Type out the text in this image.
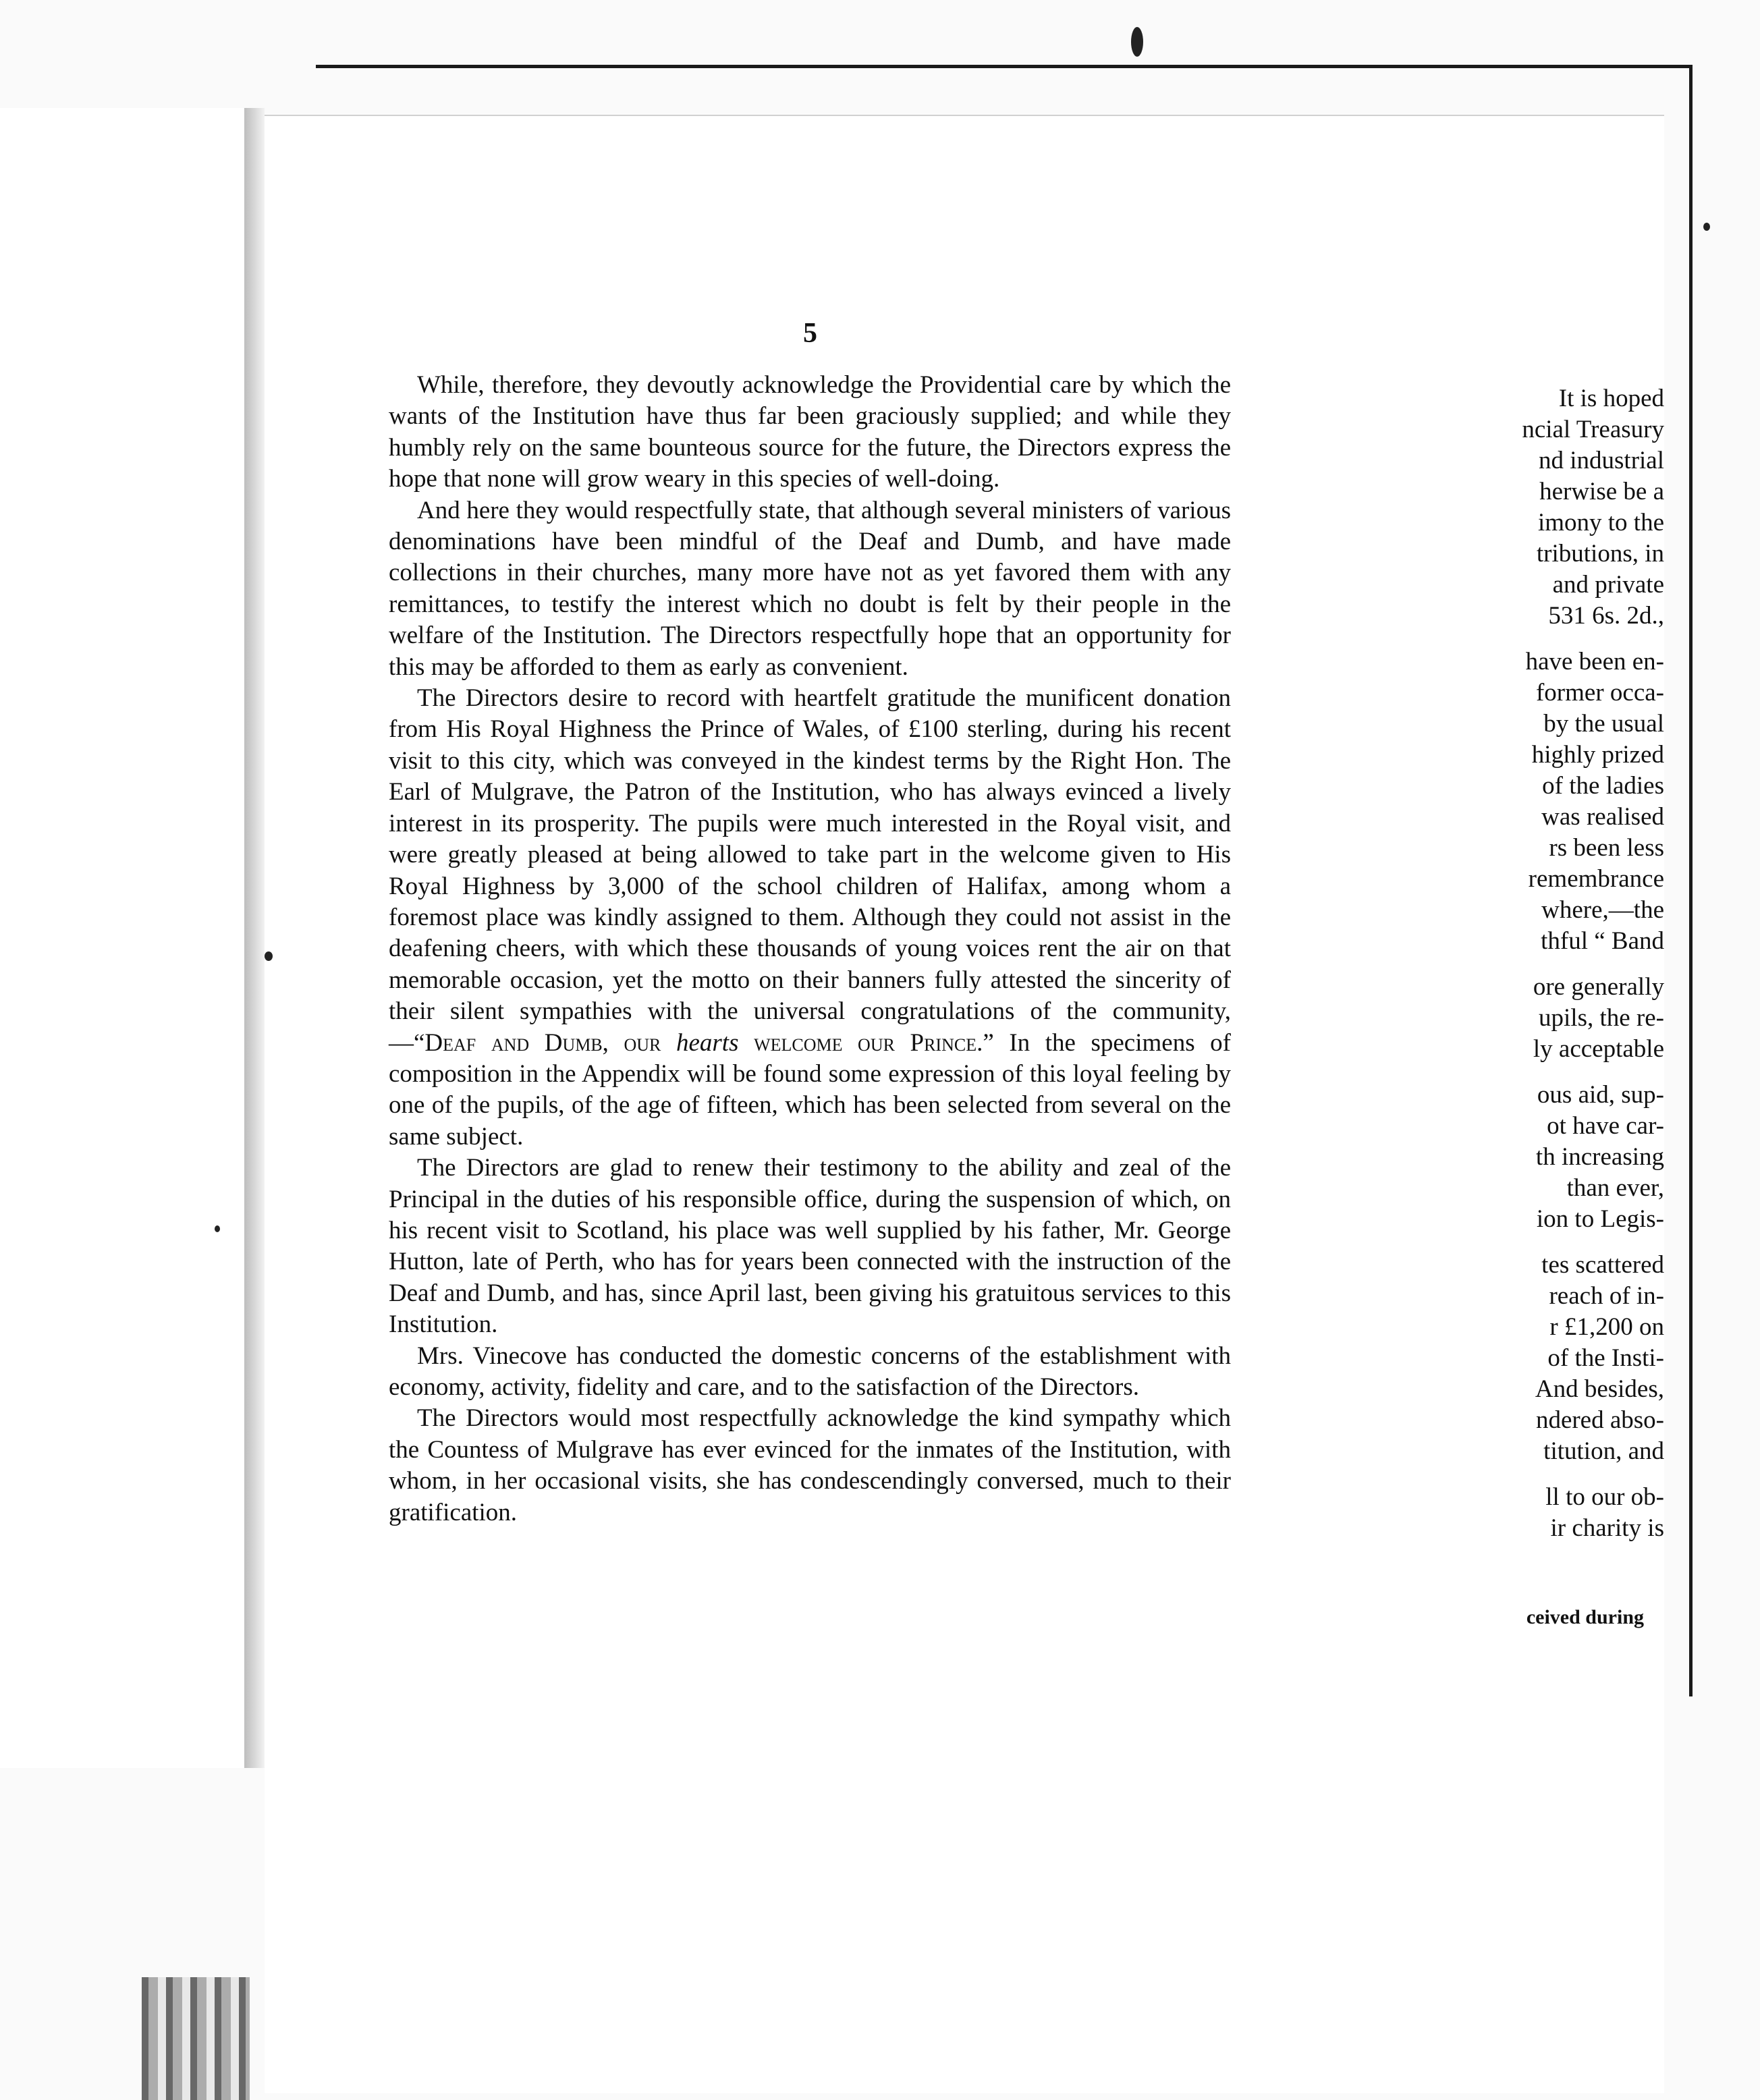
5

While, therefore, they devoutly acknowledge the Providential care by which the wants of the Institution have thus far been graciously supplied; and while they humbly rely on the same bounteous source for the future, the Directors express the hope that none will grow weary in this species of well-doing.

And here they would respectfully state, that although several ministers of various denominations have been mindful of the Deaf and Dumb, and have made collections in their churches, many more have not as yet favored them with any remittances, to testify the interest which no doubt is felt by their people in the welfare of the Institution. The Directors respectfully hope that an opportunity for this may be afforded to them as early as convenient.

The Directors desire to record with heartfelt gratitude the munificent donation from His Royal Highness the Prince of Wales, of £100 sterling, during his recent visit to this city, which was conveyed in the kindest terms by the Right Hon. The Earl of Mulgrave, the Patron of the Institution, who has always evinced a lively interest in its prosperity. The pupils were much interested in the Royal visit, and were greatly pleased at being allowed to take part in the welcome given to His Royal Highness by 3,000 of the school children of Halifax, among whom a foremost place was kindly assigned to them. Although they could not assist in the deafening cheers, with which these thousands of young voices rent the air on that memorable occasion, yet the motto on their banners fully attested the sincerity of their silent sympathies with the universal congratulations of the community,—“Deaf and Dumb, our hearts welcome our Prince.” In the specimens of composition in the Appendix will be found some expression of this loyal feeling by one of the pupils, of the age of fifteen, which has been selected from several on the same subject.

The Directors are glad to renew their testimony to the ability and zeal of the Principal in the duties of his responsible office, during the suspension of which, on his recent visit to Scotland, his place was well supplied by his father, Mr. George Hutton, late of Perth, who has for years been connected with the instruction of the Deaf and Dumb, and has, since April last, been giving his gratuitous services to this Institution.

Mrs. Vinecove has conducted the domestic concerns of the establishment with economy, activity, fidelity and care, and to the satisfaction of the Directors.

The Directors would most respectfully acknowledge the kind sympathy which the Countess of Mulgrave has ever evinced for the inmates of the Institution, with whom, in her occasional visits, she has condescendingly conversed, much to their gratification.

It is hoped
ncial Treasury
nd industrial
herwise be a
imony to the
tributions, in
and private
531 6s. 2d.,
have been en-
former occa-
by the usual
highly prized
of the ladies
was realised
rs been less
remembrance
where,—the
thful “ Band
ore generally
upils, the re-
ly acceptable
ous aid, sup-
ot have car-
th increasing
than ever,
ion to Legis-
tes scattered
reach of in-
r £1,200 on
of the Insti-
And besides,
ndered abso-
titution, and
ll to our ob-
ir charity is
ceived during
